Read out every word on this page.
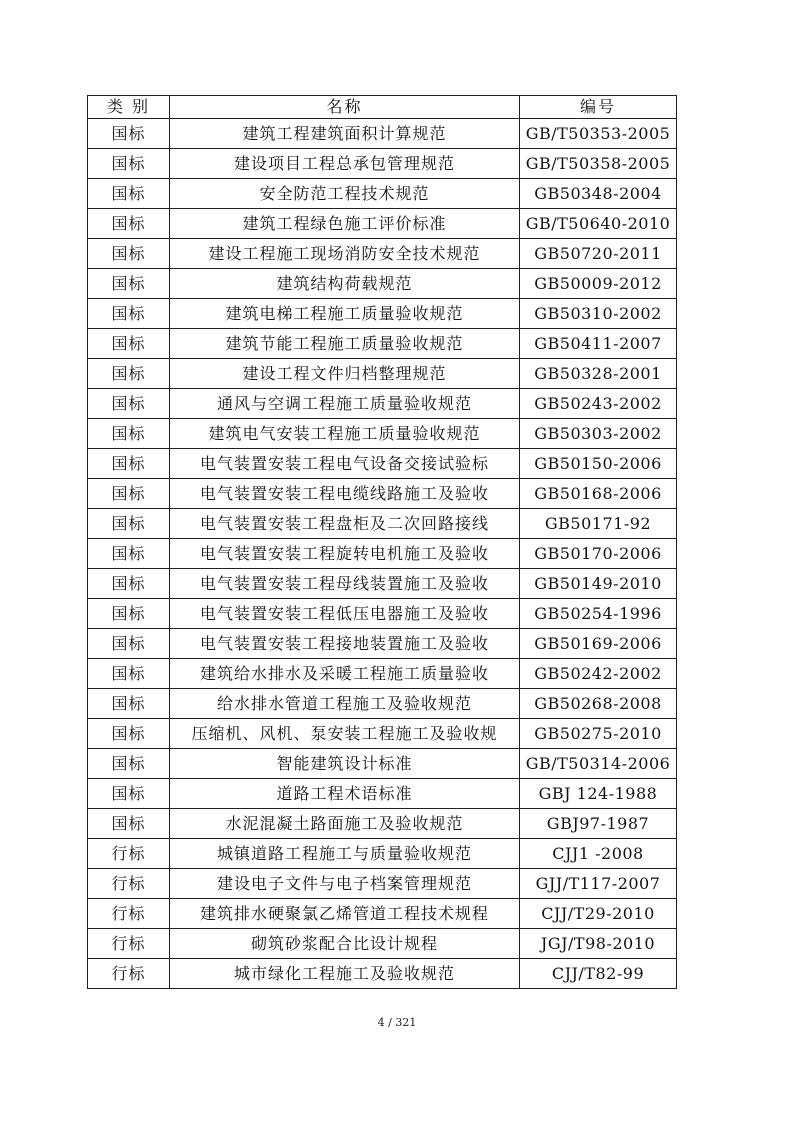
类 别	名称	编号
国标	建筑工程建筑面积计算规范	GB/T50353-2005
国标	建设项目工程总承包管理规范	GB/T50358-2005
国标	安全防范工程技术规范	GB50348-2004
国标	建筑工程绿色施工评价标准	GB/T50640-2010
国标	建设工程施工现场消防安全技术规范	GB50720-2011
国标	建筑结构荷载规范	GB50009-2012
国标	建筑电梯工程施工质量验收规范	GB50310-2002
国标	建筑节能工程施工质量验收规范	GB50411-2007
国标	建设工程文件归档整理规范	GB50328-2001
国标	通风与空调工程施工质量验收规范	GB50243-2002
国标	建筑电气安装工程施工质量验收规范	GB50303-2002
国标	电气装置安装工程电气设备交接试验标	GB50150-2006
国标	电气装置安装工程电缆线路施工及验收	GB50168-2006
国标	电气装置安装工程盘柜及二次回路接线	GB50171-92
国标	电气装置安装工程旋转电机施工及验收	GB50170-2006
国标	电气装置安装工程母线装置施工及验收	GB50149-2010
国标	电气装置安装工程低压电器施工及验收	GB50254-1996
国标	电气装置安装工程接地装置施工及验收	GB50169-2006
国标	建筑给水排水及采暖工程施工质量验收	GB50242-2002
国标	给水排水管道工程施工及验收规范	GB50268-2008
国标	压缩机、风机、泵安装工程施工及验收规	GB50275-2010
国标	智能建筑设计标准	GB/T50314-2006
国标	道路工程术语标准	GBJ 124-1988
国标	水泥混凝土路面施工及验收规范	GBJ97-1987
行标	城镇道路工程施工与质量验收规范	CJJ1 -2008
行标	建设电子文件与电子档案管理规范	GJJ/T117-2007
行标	建筑排水硬聚氯乙烯管道工程技术规程	CJJ/T29-2010
行标	砌筑砂浆配合比设计规程	JGJ/T98-2010
行标	城市绿化工程施工及验收规范	CJJ/T82-99
4 / 321
